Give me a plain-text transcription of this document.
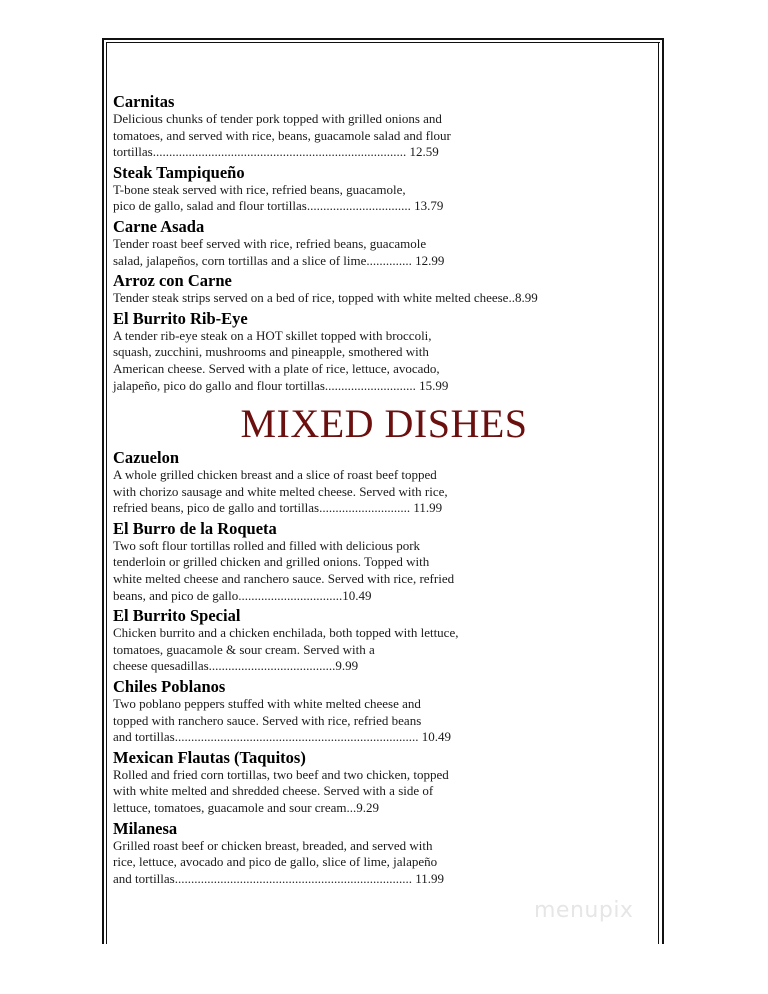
Carnitas
Delicious chunks of tender pork topped with grilled onions and
tomatoes, and served with rice, beans, guacamole salad and flour
tortillas.............................................................................. 12.59
Steak Tampiqueño
T-bone steak served with rice, refried beans, guacamole,
pico de gallo, salad and flour tortillas................................ 13.79
Carne Asada
Tender roast beef served with rice, refried beans, guacamole
salad, jalapeños, corn tortillas and a slice of lime.............. 12.99
Arroz con Carne
Tender steak strips served on a bed of rice, topped with white melted cheese..8.99
El Burrito Rib-Eye
A tender rib-eye steak on a HOT skillet topped with broccoli,
squash, zucchini, mushrooms and pineapple, smothered with
American cheese. Served with a plate of rice, lettuce, avocado,
jalapeño, pico do gallo and flour tortillas............................ 15.99
MIXED DISHES
Cazuelon
A whole grilled chicken breast and a slice of roast beef topped
with chorizo sausage and white melted cheese. Served with rice,
refried beans, pico de gallo and tortillas............................ 11.99
El Burro de la Roqueta
Two soft flour tortillas rolled and filled with delicious pork
tenderloin or grilled chicken and grilled onions. Topped with
white melted cheese and ranchero sauce. Served with rice, refried
beans, and pico de gallo................................10.49
El Burrito Special
Chicken burrito and a chicken enchilada, both topped with lettuce,
tomatoes, guacamole & sour cream. Served with a
cheese quesadillas.......................................9.99
Chiles Poblanos
Two poblano peppers stuffed with white melted cheese and
topped with ranchero sauce. Served with rice, refried beans
and tortillas........................................................................... 10.49
Mexican Flautas (Taquitos)
Rolled and fried corn tortillas, two beef and two chicken, topped
with white melted and shredded cheese. Served with a side of
lettuce, tomatoes, guacamole and sour cream...9.29
Milanesa
Grilled roast beef or chicken breast, breaded, and served with
rice, lettuce, avocado and pico de gallo, slice of lime, jalapeño
and tortillas......................................................................... 11.99
menupix
